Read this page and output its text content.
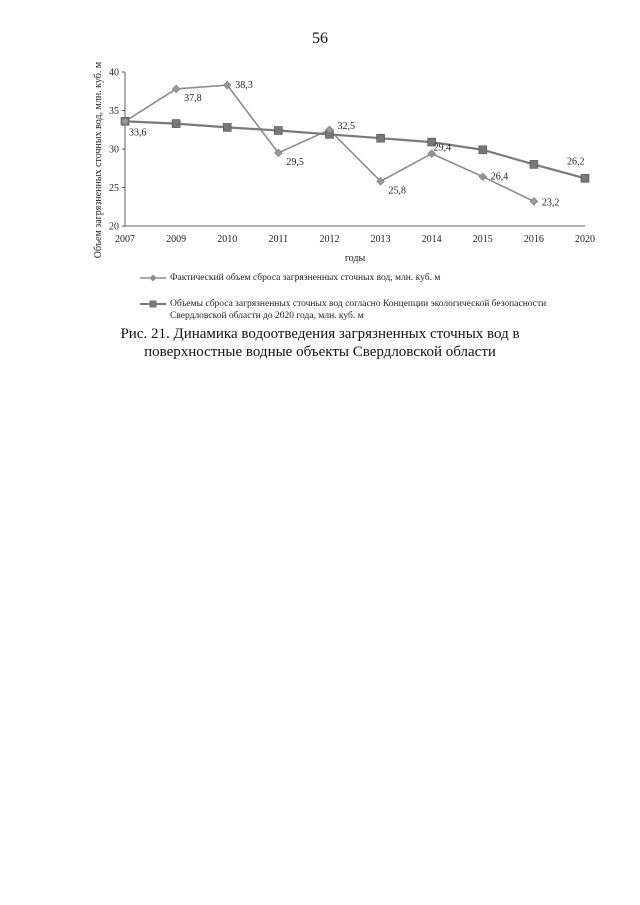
56
20
25
30
35
40
2007	2009	2010	2011	2012	2013	2014	2015	2016	2020
33,6
37,8
38,3
29,5
32,5
25,8
29,4
26,4
23,2
26,2
Объем загрязненных сточных вод, млн. куб. м
годы
Фактический объем сброса загрязненных сточных вод, млн. куб. м
Объемы сброса загрязненных сточных вод согласно Концепции экологической безопасности Свердловской области до 2020 года, млн. куб. м
Рис. 21. Динамика водоотведения загрязненных сточных вод в поверхностные водные объекты Свердловской области
